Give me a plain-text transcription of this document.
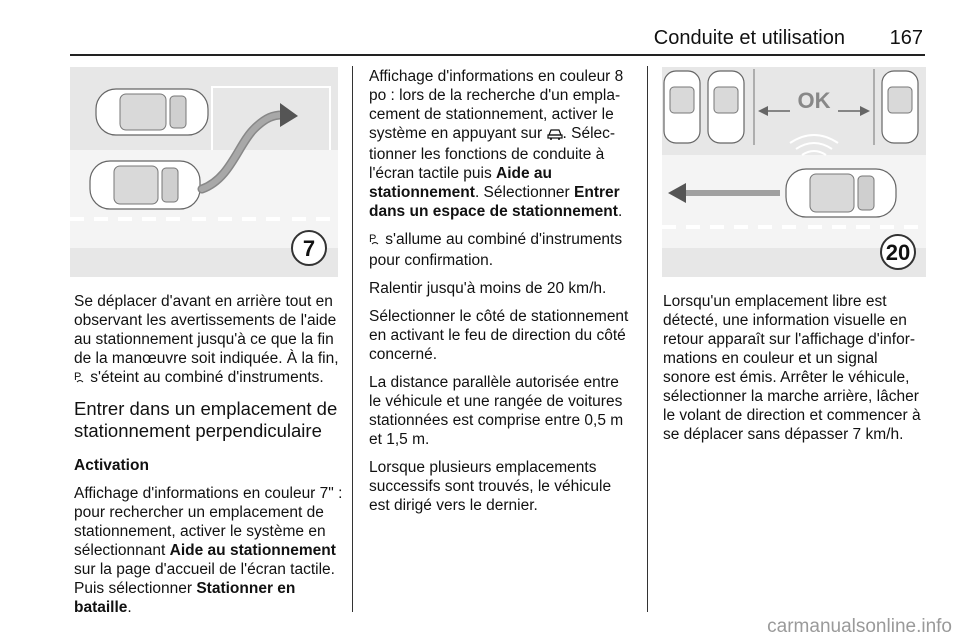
Conduite et utilisation 167
7
OK
20

Se déplacer d'avant en arrière tout en observant les avertissements de l'aide au stationnement jusqu'à ce que la fin de la manœuvre soit indiquée. À la fin,
P s'éteint au combiné d'instruments.

Entrer dans un emplacement de stationnement perpendiculaire

Activation

Affichage d'informations en couleur 7" : pour rechercher un emplacement de stationnement, activer le système en sélectionnant Aide au stationnement sur la page d'accueil de l'écran tactile. Puis sélectionner Stationner en bataille.

Affichage d'informations en couleur 8 po : lors de la recherche d'un emplacement de stationnement, activer le système en appuyant sur . Sélectionner les fonctions de conduite à l'écran tactile puis Aide au stationnement. Sélectionner Entrer dans un espace de stationnement.

P s'allume au combiné d'instruments pour confirmation.

Ralentir jusqu'à moins de 20 km/h.

Sélectionner le côté de stationnement en activant le feu de direction du côté concerné.

La distance parallèle autorisée entre le véhicule et une rangée de voitures stationnées est comprise entre 0,5 m et 1,5 m.

Lorsque plusieurs emplacements successifs sont trouvés, le véhicule est dirigé vers le dernier.

Lorsqu'un emplacement libre est détecté, une information visuelle en retour apparaît sur l'affichage d'informations en couleur et un signal sonore est émis. Arrêter le véhicule, sélectionner la marche arrière, lâcher le volant de direction et commencer à se déplacer sans dépasser 7 km/h.

carmanualsonline.info
